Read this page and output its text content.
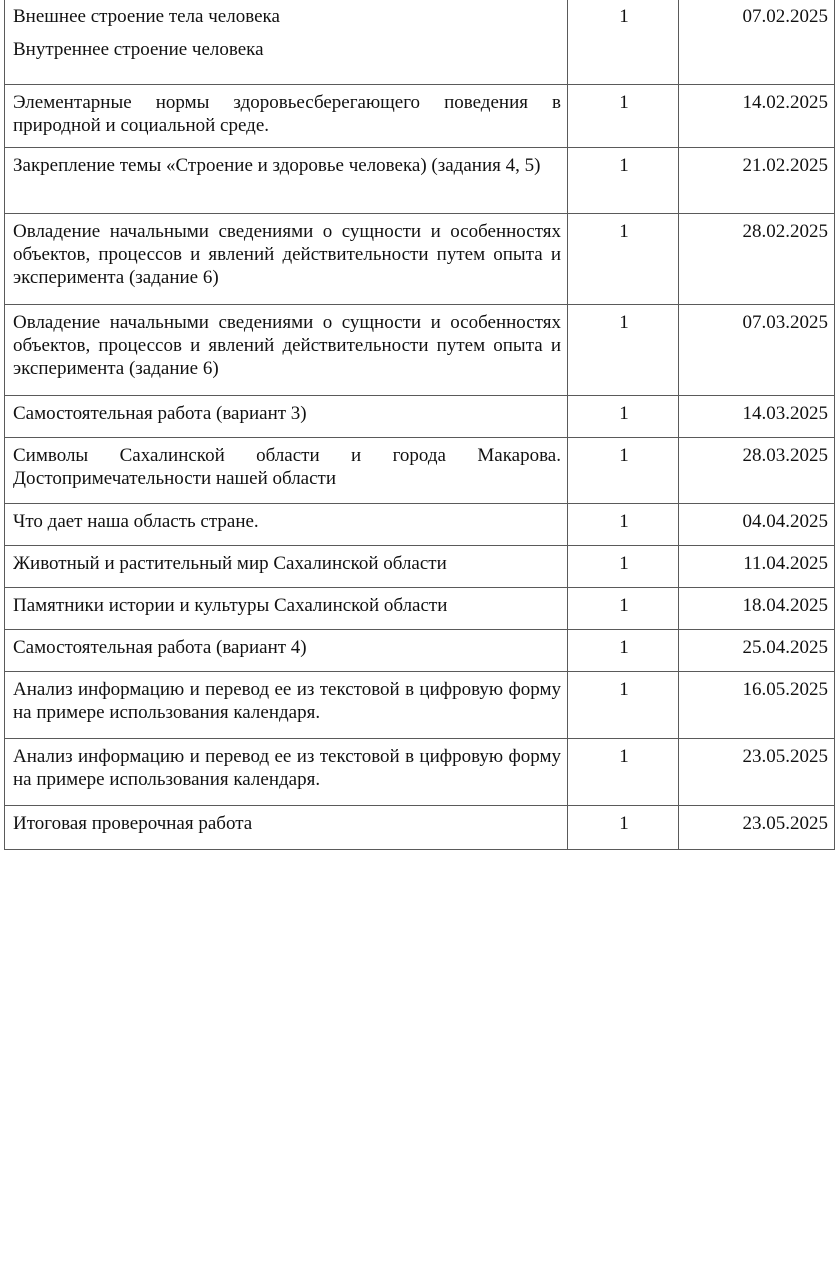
Внешнее строение тела человека
Внутреннее строение человека	1	07.02.2025
Элементарные нормы здоровьесберегающего поведения в природной и социальной среде.	1	14.02.2025
Закрепление темы «Строение и здоровье человека) (задания 4, 5)	1	21.02.2025
Овладение начальными сведениями о сущности и особенностях объектов, процессов и явлений действительности путем опыта и эксперимента (задание 6)	1	28.02.2025
Овладение начальными сведениями о сущности и особенностях объектов, процессов и явлений действительности путем опыта и эксперимента (задание 6)	1	07.03.2025
Самостоятельная работа (вариант 3)	1	14.03.2025
Символы Сахалинской области и города Макарова. Достопримечательности нашей области	1	28.03.2025
Что дает наша область стране.	1	04.04.2025
Животный и растительный мир Сахалинской области	1	11.04.2025
Памятники истории и культуры Сахалинской области	1	18.04.2025
Самостоятельная работа (вариант 4)	1	25.04.2025
Анализ информацию и перевод ее из текстовой в цифровую форму на примере использования календаря.	1	16.05.2025
Анализ информацию и перевод ее из текстовой в цифровую форму на примере использования календаря.	1	23.05.2025
Итоговая проверочная работа	1	23.05.2025
